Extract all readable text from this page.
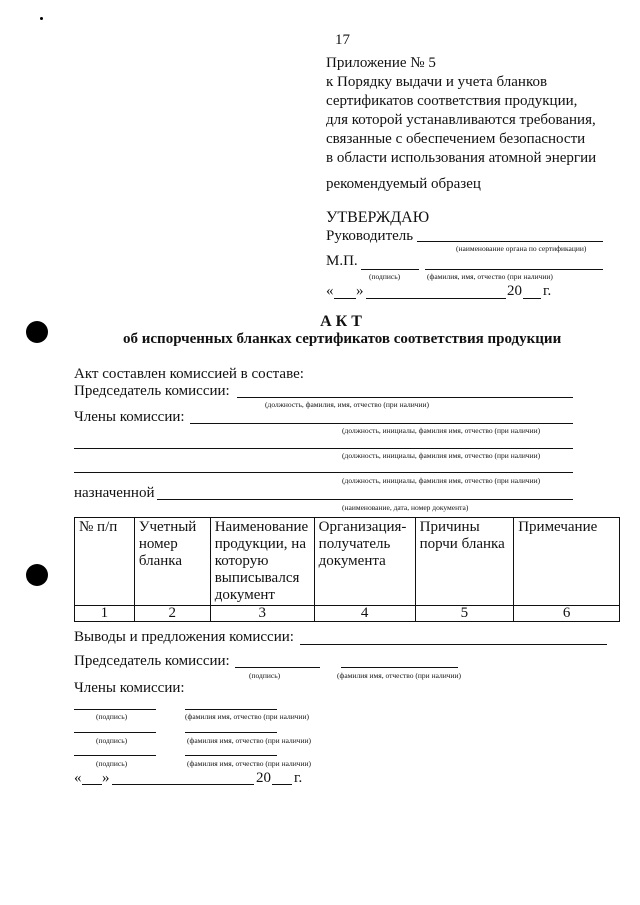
17
Приложение № 5
к Порядку выдачи и учета бланков
сертификатов соответствия продукции,
для которой устанавливаются требования,
связанные с обеспечением безопасности
в области использования атомной энергии
рекомендуемый образец
УТВЕРЖДАЮ
Руководитель
(наименование органа по сертификации)
М.П.
(подпись)	(фамилия, имя, отчество (при наличии)
« »	20 г.
А К Т
об испорченных бланках сертификатов соответствия продукции
Акт составлен комиссией в составе:
Председатель комиссии:
(должность, фамилия, имя, отчество (при наличии)
Члены комиссии:
(должность, инициалы, фамилия имя, отчество (при наличии)
(должность, инициалы, фамилия имя, отчество (при наличии)
(должность, инициалы, фамилия имя, отчество (при наличии)
назначенной
(наименование, дата, номер документа)
№ п/п	Учетный номер бланка	Наименование продукции, на которую выписывался документ	Организация-получатель документа	Причины порчи бланка	Примечание
1	2	3	4	5	6
Выводы и предложения комиссии:
Председатель комиссии:
(подпись)	(фамилия имя, отчество (при наличии)
Члены комиссии:
(подпись)	(фамилия имя, отчество (при наличии)
(подпись)	(фамилия имя, отчество (при наличии)
(подпись)	(фамилия имя, отчество (при наличии)
« »	20 г.
